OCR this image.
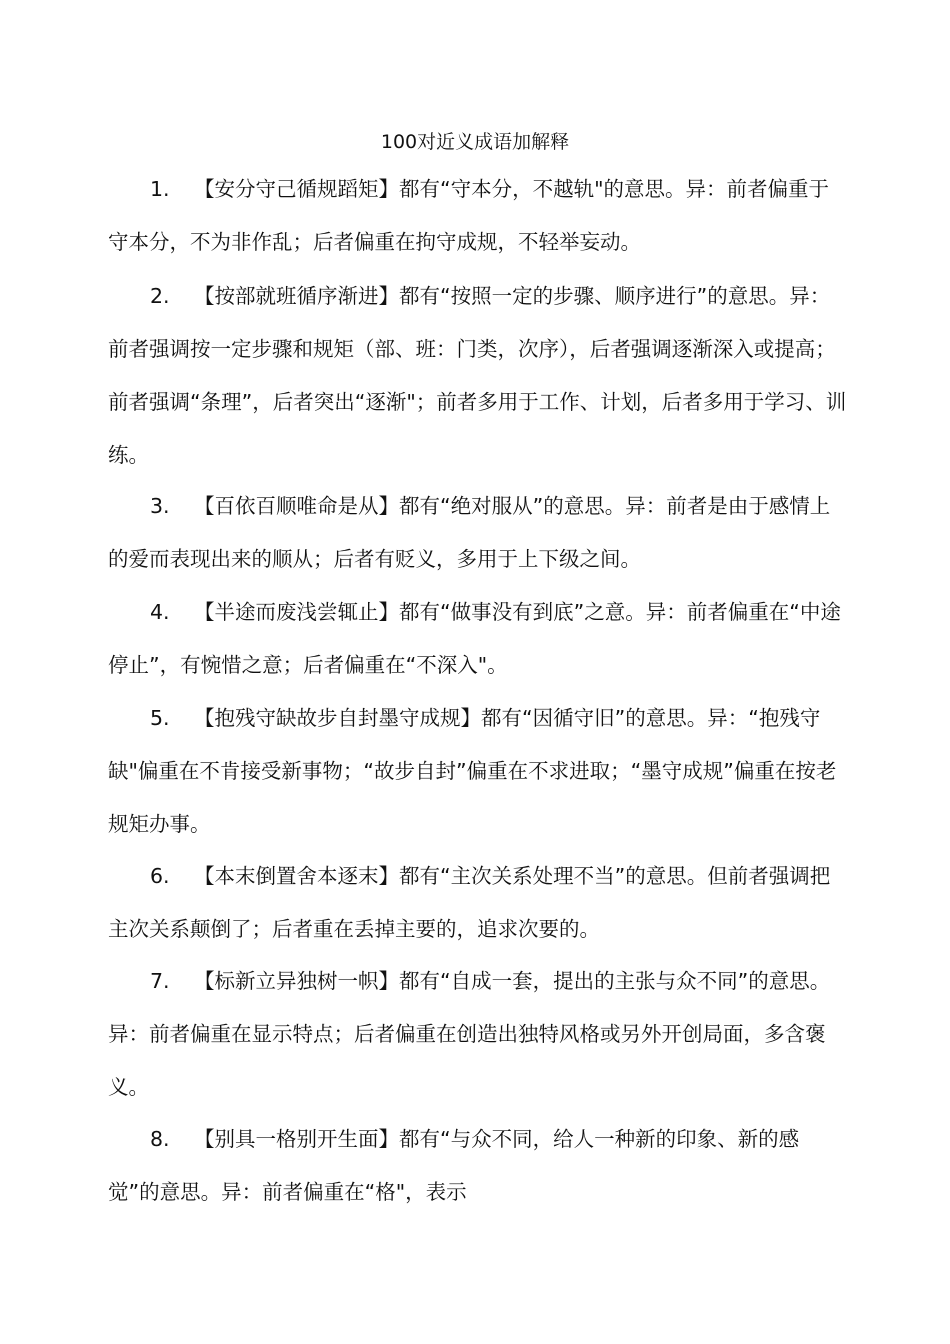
100对近义成语加解释
1. 【安分守己循规蹈矩】都有“守本分，不越轨"的意思。异：前者偏重于守本分，不为非作乱；后者偏重在拘守成规，不轻举妄动。
2. 【按部就班循序渐进】都有“按照一定的步骤、顺序进行”的意思。异：前者强调按一定步骤和规矩（部、班：门类，次序），后者强调逐渐深入或提高；前者强调“条理”，后者突出“逐渐"；前者多用于工作、计划，后者多用于学习、训练。
3. 【百依百顺唯命是从】都有“绝对服从”的意思。异：前者是由于感情上的爱而表现出来的顺从；后者有贬义，多用于上下级之间。
4. 【半途而废浅尝辄止】都有“做事没有到底”之意。异：前者偏重在“中途停止”，有惋惜之意；后者偏重在“不深入"。
5. 【抱残守缺故步自封墨守成规】都有“因循守旧”的意思。异：“抱残守缺"偏重在不肯接受新事物；“故步自封”偏重在不求进取；“墨守成规”偏重在按老规矩办事。
6. 【本末倒置舍本逐末】都有“主次关系处理不当”的意思。但前者强调把主次关系颠倒了；后者重在丢掉主要的，追求次要的。
7. 【标新立异独树一帜】都有“自成一套，提出的主张与众不同”的意思。异：前者偏重在显示特点；后者偏重在创造出独特风格或另外开创局面，多含褒义。
8. 【别具一格别开生面】都有“与众不同，给人一种新的印象、新的感觉”的意思。异：前者偏重在“格"，表示
